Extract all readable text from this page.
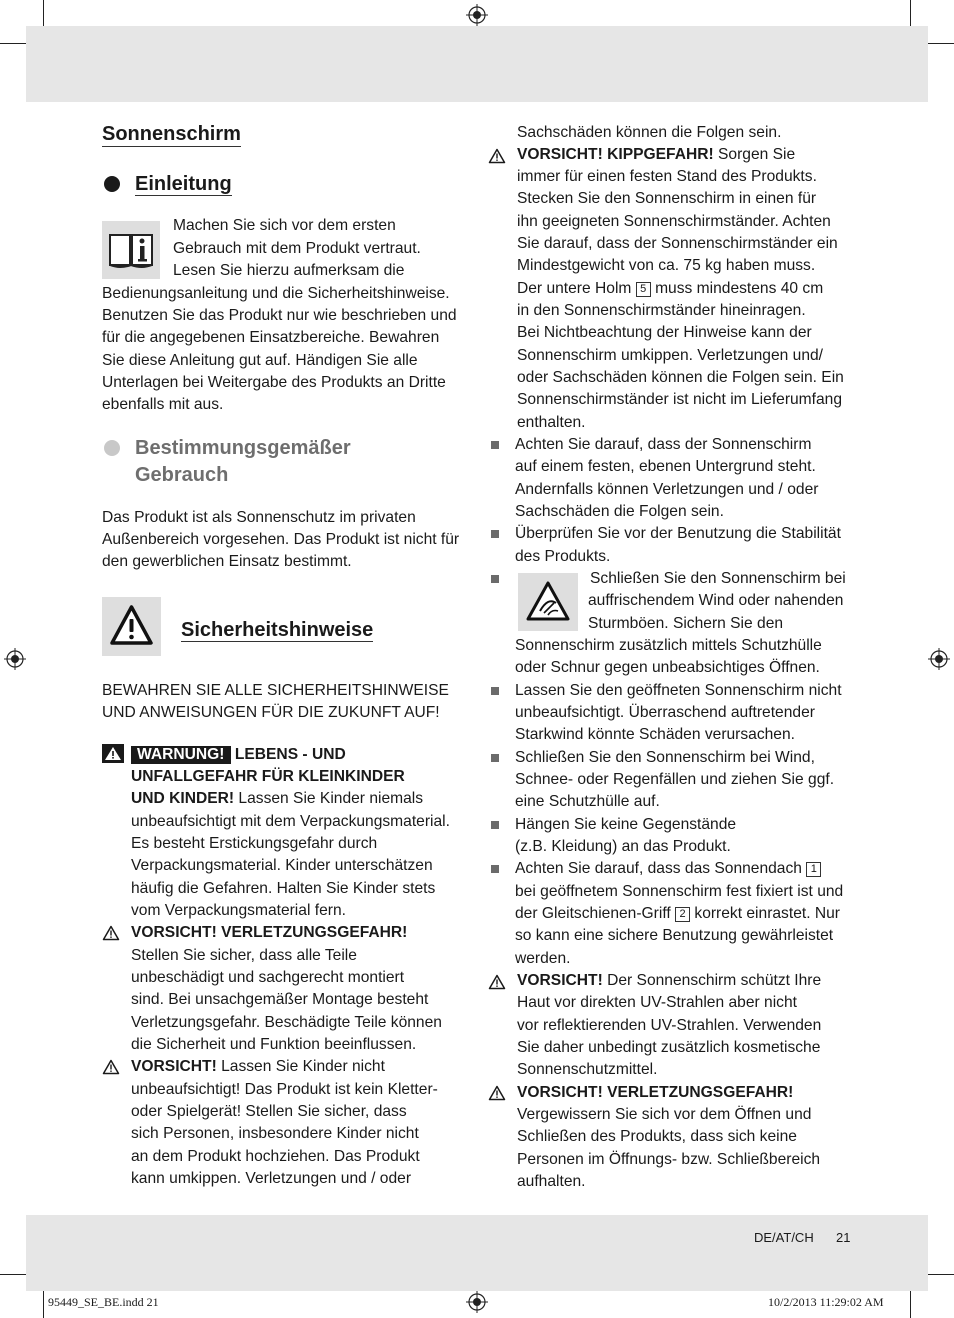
Sonnenschirm
Einleitung

Machen Sie sich vor dem ersten

Gebrauch mit dem Produkt vertraut.

Lesen Sie hierzu aufmerksam die

Bedienungsanleitung und die Sicherheitshinweise.

Benutzen Sie das Produkt nur wie beschrieben und

für die angegebenen Einsatzbereiche. Bewahren

Sie diese Anleitung gut auf. Händigen Sie alle

Unterlagen bei Weitergabe des Produkts an Dritte

ebenfalls mit aus.

Bestimmungsgemäßer
Gebrauch

Das Produkt ist als Sonnenschutz im privaten

Außenbereich vorgesehen. Das Produkt ist nicht für

den gewerblichen Einsatz bestimmt.

Sicherheitshinweise

BEWAHREN SIE ALLE SICHERHEITSHINWEISE

UND ANWEISUNGEN FÜR DIE ZUKUNFT AUF!

WARNUNG! LEBENS - UND

UNFALLGEFAHR FÜR KLEINKINDER

UND KINDER! Lassen Sie Kinder niemals

unbeaufsichtigt mit dem Verpackungsmaterial.

Es besteht Erstickungsgefahr durch

Verpackungsmaterial. Kinder unterschätzen

häufig die Gefahren. Halten Sie Kinder stets

vom Verpackungsmaterial fern.

VORSICHT! VERLETZUNGSGEFAHR!

Stellen Sie sicher, dass alle Teile

unbeschädigt und sachgerecht montiert

sind. Bei unsachgemäßer Montage besteht

Verletzungsgefahr. Beschädigte Teile können

die Sicherheit und Funktion beeinflussen.

VORSICHT! Lassen Sie Kinder nicht

unbeaufsichtigt! Das Produkt ist kein Kletter-

oder Spielgerät! Stellen Sie sicher, dass

sich Personen, insbesondere Kinder nicht

an dem Produkt hochziehen. Das Produkt

kann umkippen. Verletzungen und / oder

Sachschäden können die Folgen sein.

VORSICHT! KIPPGEFAHR! Sorgen Sie

immer für einen festen Stand des Produkts.

Stecken Sie den Sonnenschirm in einen für

ihn geeigneten Sonnenschirmständer. Achten

Sie darauf, dass der Sonnenschirmständer ein

Mindestgewicht von ca. 75 kg haben muss.

Der untere Holm 5 muss mindestens 40 cm

in den Sonnenschirmständer hineinragen.

Bei Nichtbeachtung der Hinweise kann der

Sonnenschirm umkippen. Verletzungen und/

oder Sachschäden können die Folgen sein. Ein

Sonnenschirmständer ist nicht im Lieferumfang

enthalten.

Achten Sie darauf, dass der Sonnenschirm

auf einem festen, ebenen Untergrund steht.

Andernfalls können Verletzungen und / oder

Sachschäden die Folgen sein.

Überprüfen Sie vor der Benutzung die Stabilität

des Produkts.

Schließen Sie den Sonnenschirm bei

auffrischendem Wind oder nahenden

Sturmböen. Sichern Sie den

Sonnenschirm zusätzlich mittels Schutzhülle

oder Schnur gegen unbeabsichtiges Öffnen.

Lassen Sie den geöffneten Sonnenschirm nicht

unbeaufsichtigt. Überraschend auftretender

Starkwind könnte Schäden verursachen.

Schließen Sie den Sonnenschirm bei Wind,

Schnee- oder Regenfällen und ziehen Sie ggf.

eine Schutzhülle auf.

Hängen Sie keine Gegenstände

(z.B. Kleidung) an das Produkt.

Achten Sie darauf, dass das Sonnendach 1

bei geöffnetem Sonnenschirm fest fixiert ist und

der Gleitschienen-Griff 2 korrekt einrastet. Nur

so kann eine sichere Benutzung gewährleistet

werden.

VORSICHT! Der Sonnenschirm schützt Ihre

Haut vor direkten UV-Strahlen aber nicht

vor reflektierenden UV-Strahlen. Verwenden

Sie daher unbedingt zusätzlich kosmetische

Sonnenschutzmittel.

VORSICHT! VERLETZUNGSGEFAHR!

Vergewissern Sie sich vor dem Öffnen und

Schließen des Produkts, dass sich keine

Personen im Öffnungs- bzw. Schließbereich

aufhalten.

DE/AT/CH 21
95449_SE_BE.indd 21	10/2/2013 11:29:02 AM
